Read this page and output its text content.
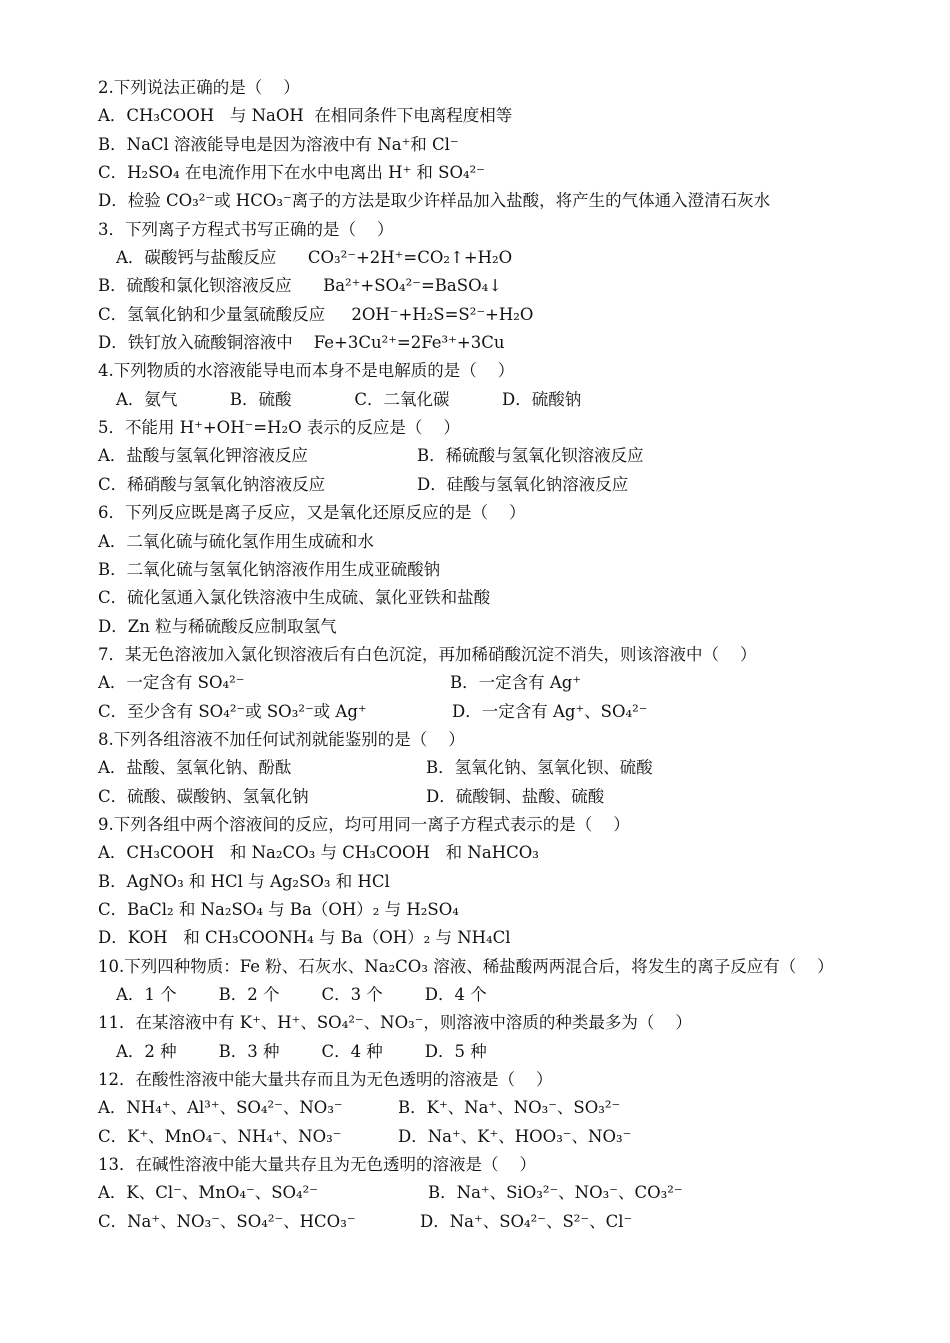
2.下列说法正确的是（    ）
A．CH₃COOH   与 NaOH  在相同条件下电离程度相等
B．NaCl 溶液能导电是因为溶液中有 Na⁺和 Cl⁻
C．H₂SO₄ 在电流作用下在水中电离出 H⁺ 和 SO₄²⁻
D．检验 CO₃²⁻或 HCO₃⁻离子的方法是取少许样品加入盐酸，将产生的气体通入澄清石灰水
3．下列离子方程式书写正确的是（    ）
A．碳酸钙与盐酸反应      CO₃²⁻+2H⁺=CO₂↑+H₂O
B．硫酸和氯化钡溶液反应      Ba²⁺+SO₄²⁻=BaSO₄↓
C．氢氧化钠和少量氢硫酸反应     2OH⁻+H₂S=S²⁻+H₂O
D．铁钉放入硫酸铜溶液中    Fe+3Cu²⁺=2Fe³⁺+3Cu
4.下列物质的水溶液能导电而本身不是电解质的是（    ）
A．氨气          B．硫酸            C．二氧化碳          D．硫酸钠
5．不能用 H⁺+OH⁻=H₂O 表示的反应是（    ）

A．盐酸与氢氧化钾溶液反应

	B．稀硫酸与氢氧化钡溶液反应

C．稀硝酸与氢氧化钠溶液反应

	D．硅酸与氢氧化钠溶液反应

6．下列反应既是离子反应，又是氧化还原反应的是（    ）
A．二氧化硫与硫化氢作用生成硫和水
B．二氧化硫与氢氧化钠溶液作用生成亚硫酸钠
C．硫化氢通入氯化铁溶液中生成硫、氯化亚铁和盐酸
D．Zn 粒与稀硫酸反应制取氢气
7．某无色溶液加入氯化钡溶液后有白色沉淀，再加稀硝酸沉淀不消失，则该溶液中（    ）

A．一定含有 SO₄²⁻

	B．一定含有 Ag⁺

C．至少含有 SO₄²⁻或 SO₃²⁻或 Ag⁺

	D．一定含有 Ag⁺、SO₄²⁻

8.下列各组溶液不加任何试剂就能鉴别的是（    ）

A．盐酸、氢氧化钠、酚酞

	B．氢氧化钠、氢氧化钡、硫酸

C．硫酸、碳酸钠、氢氧化钠

	D．硫酸铜、盐酸、硫酸

9.下列各组中两个溶液间的反应，均可用同一离子方程式表示的是（    ）
A．CH₃COOH   和 Na₂CO₃ 与 CH₃COOH   和 NaHCO₃
B．AgNO₃ 和 HCl 与 Ag₂SO₃ 和 HCl
C．BaCl₂ 和 Na₂SO₄ 与 Ba（OH）₂ 与 H₂SO₄
D．KOH   和 CH₃COONH₄ 与 Ba（OH）₂ 与 NH₄Cl
10.下列四种物质：Fe 粉、石灰水、Na₂CO₃ 溶液、稀盐酸两两混合后，将发生的离子反应有（    ）
A．1 个        B．2 个        C．3 个        D．4 个
11．在某溶液中有 K⁺、H⁺、SO₄²⁻、NO₃⁻，则溶液中溶质的种类最多为（    ）
A．2 种        B．3 种        C．4 种        D．5 种
12．在酸性溶液中能大量共存而且为无色透明的溶液是（    ）

A．NH₄⁺、Al³⁺、SO₄²⁻、NO₃⁻

	B．K⁺、Na⁺、NO₃⁻、SO₃²⁻

C．K⁺、MnO₄⁻、NH₄⁺、NO₃⁻

	D．Na⁺、K⁺、HOO₃⁻、NO₃⁻

13．在碱性溶液中能大量共存且为无色透明的溶液是（    ）

A．K、Cl⁻、MnO₄⁻、SO₄²⁻

	B．Na⁺、SiO₃²⁻、NO₃⁻、CO₃²⁻

C．Na⁺、NO₃⁻、SO₄²⁻、HCO₃⁻

	D．Na⁺、SO₄²⁻、S²⁻、Cl⁻
